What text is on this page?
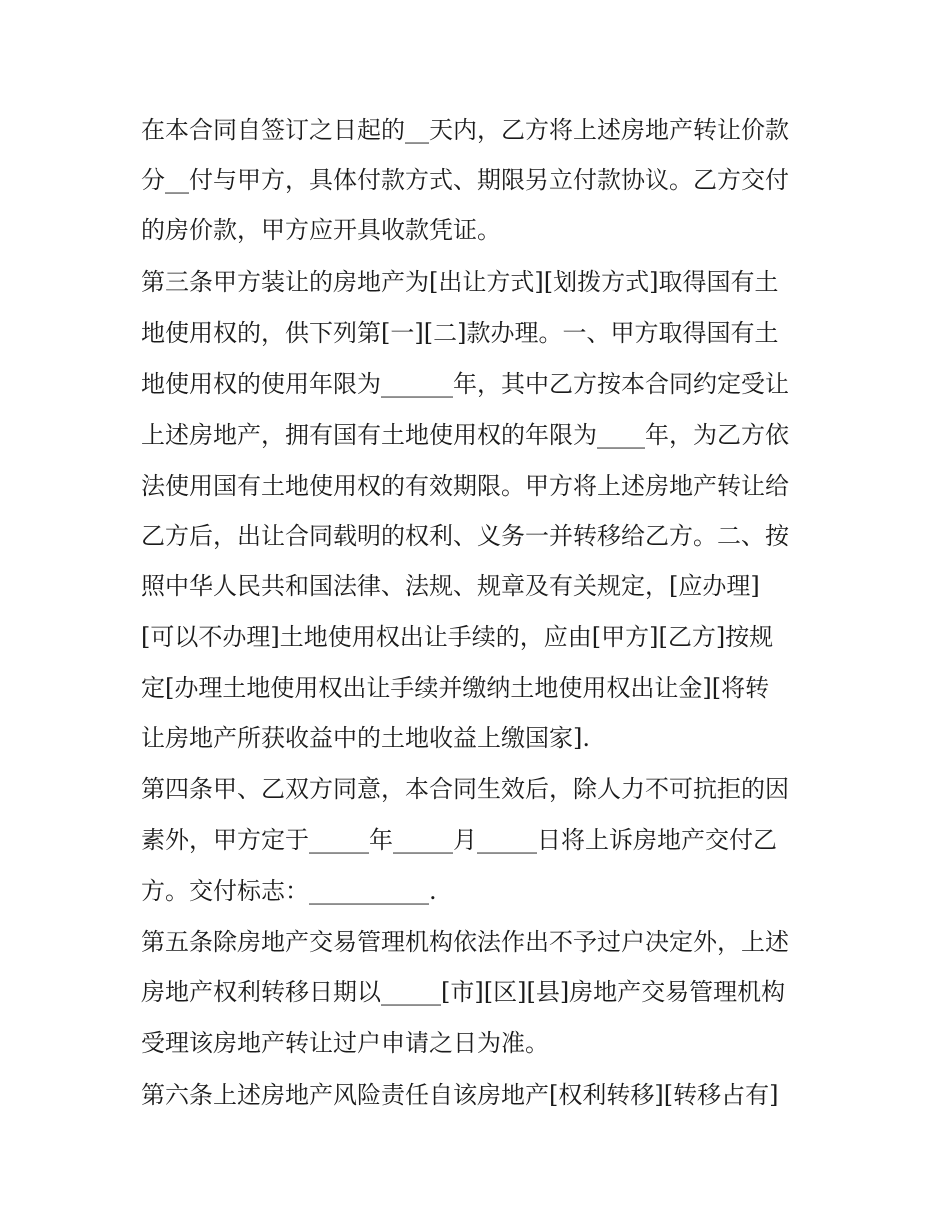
在本合同自签订之日起的__天内，乙方将上述房地产转让价款
分__付与甲方，具体付款方式、期限另立付款协议。乙方交付
的房价款，甲方应开具收款凭证。
第三条甲方装让的房地产为[出让方式][划拨方式]取得国有土
地使用权的，供下列第[一][二]款办理。一、甲方取得国有土
地使用权的使用年限为______年，其中乙方按本合同约定受让
上述房地产，拥有国有土地使用权的年限为____年，为乙方依
法使用国有土地使用权的有效期限。甲方将上述房地产转让给
乙方后，出让合同载明的权利、义务一并转移给乙方。二、按
照中华人民共和国法律、法规、规章及有关规定，[应办理]
[可以不办理]土地使用权出让手续的，应由[甲方][乙方]按规
定[办理土地使用权出让手续并缴纳土地使用权出让金][将转
让房地产所获收益中的土地收益上缴国家].
第四条甲、乙双方同意，本合同生效后，除人力不可抗拒的因
素外，甲方定于_____年_____月_____日将上诉房地产交付乙
方。交付标志：__________.
第五条除房地产交易管理机构依法作出不予过户决定外，上述
房地产权利转移日期以_____[市][区][县]房地产交易管理机构
受理该房地产转让过户申请之日为准。
第六条上述房地产风险责任自该房地产[权利转移][转移占有]
